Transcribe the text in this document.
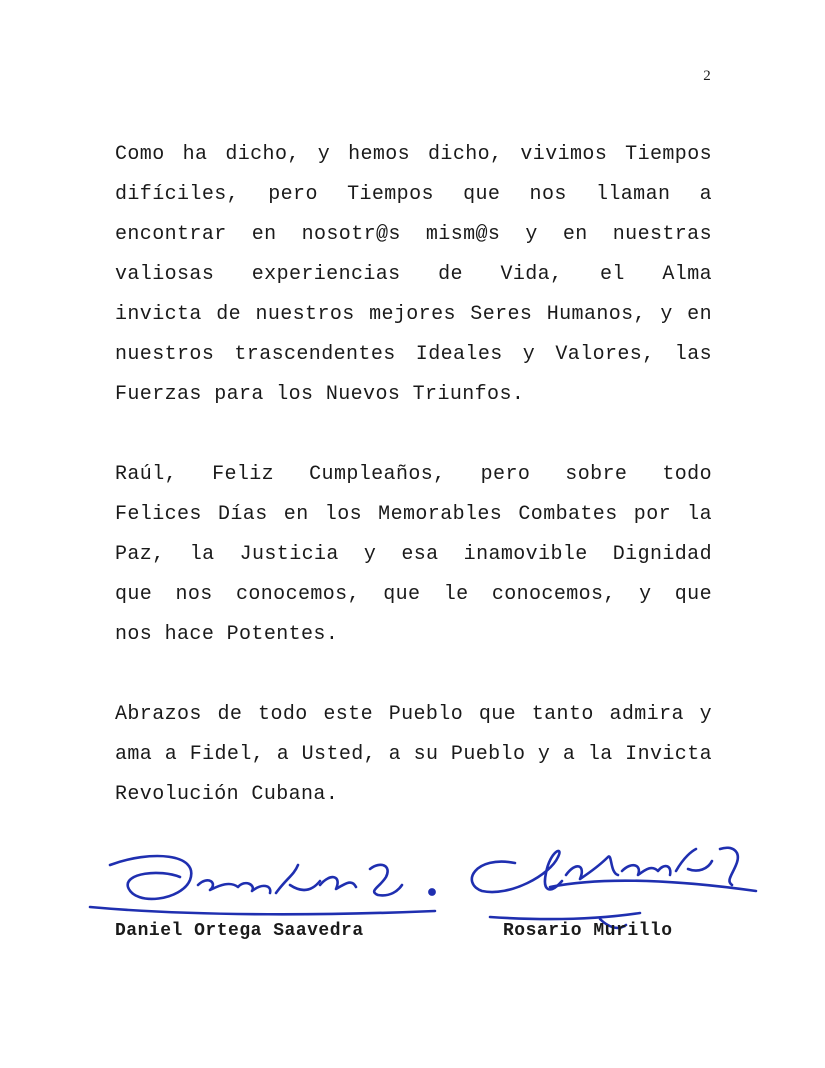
2

Como ha dicho, y hemos dicho, vivimos Tiempos
difíciles, pero Tiempos que nos llaman a
encontrar en nosotr@s mism@s y en nuestras
valiosas experiencias de Vida, el Alma
invicta de nuestros mejores Seres Humanos, y en
nuestros trascendentes Ideales y Valores, las
Fuerzas para los Nuevos Triunfos.

Raúl, Feliz Cumpleaños, pero sobre todo
Felices Días en los Memorables Combates por la
Paz, la Justicia y esa inamovible Dignidad
que nos conocemos, que le conocemos, y que
nos hace Potentes.

Abrazos de todo este Pueblo que tanto admira y
ama a Fidel, a Usted, a su Pueblo y a la Invicta
Revolución Cubana.

Daniel Ortega Saavedra	Rosario Murillo
